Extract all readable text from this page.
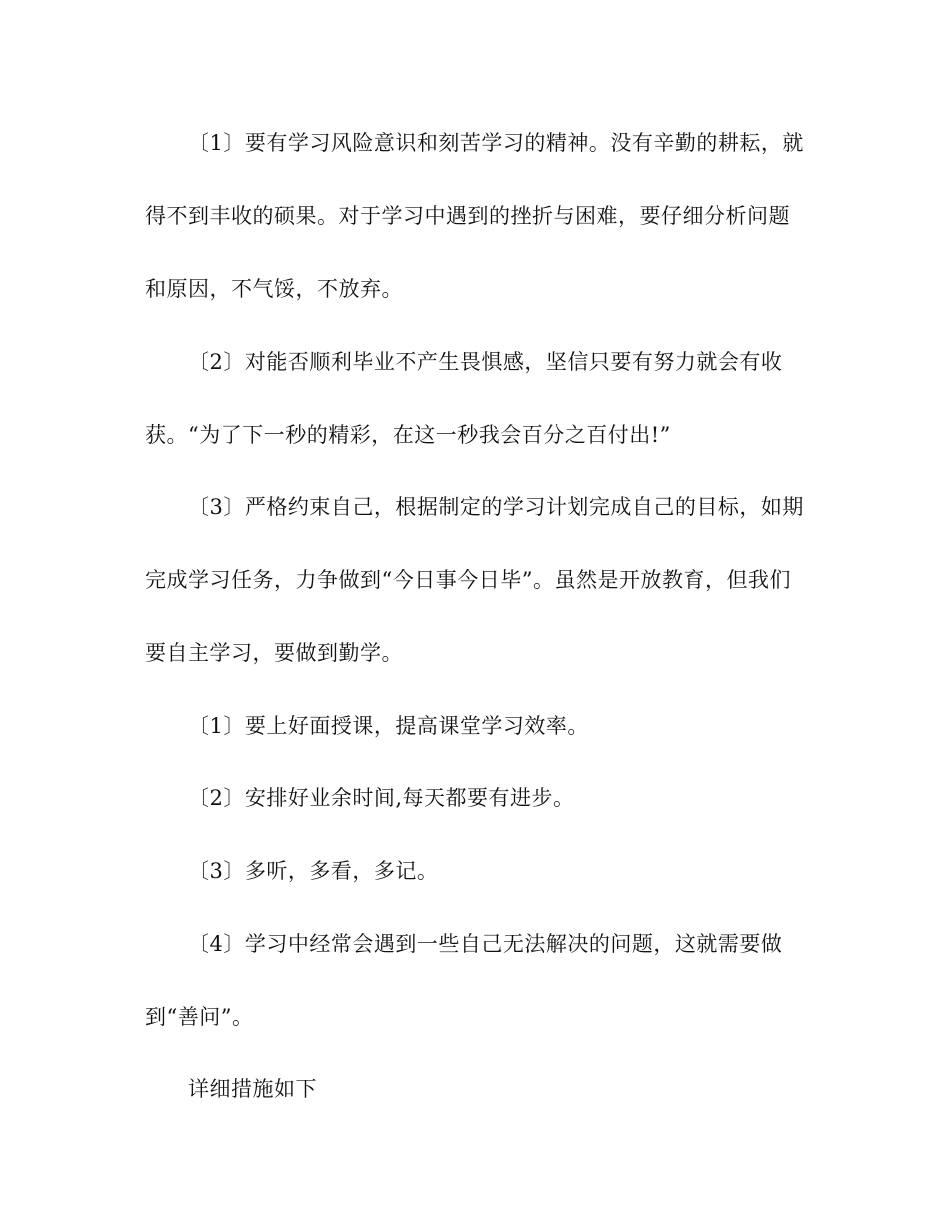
〔1〕要有学习风险意识和刻苦学习的精神。没有辛勤的耕耘，就
得不到丰收的硕果。对于学习中遇到的挫折与困难，要仔细分析问题
和原因，不气馁，不放弃。
〔2〕对能否顺利毕业不产生畏惧感，坚信只要有努力就会有收
获。“为了下一秒的精彩，在这一秒我会百分之百付出!”
〔3〕严格约束自己，根据制定的学习计划完成自己的目标，如期
完成学习任务，力争做到“今日事今日毕”。虽然是开放教育，但我们
要自主学习，要做到勤学。
〔1〕要上好面授课，提高课堂学习效率。
〔2〕安排好业余时间,每天都要有进步。
〔3〕多听，多看，多记。
〔4〕学习中经常会遇到一些自己无法解决的问题，这就需要做
到“善问”。
详细措施如下
